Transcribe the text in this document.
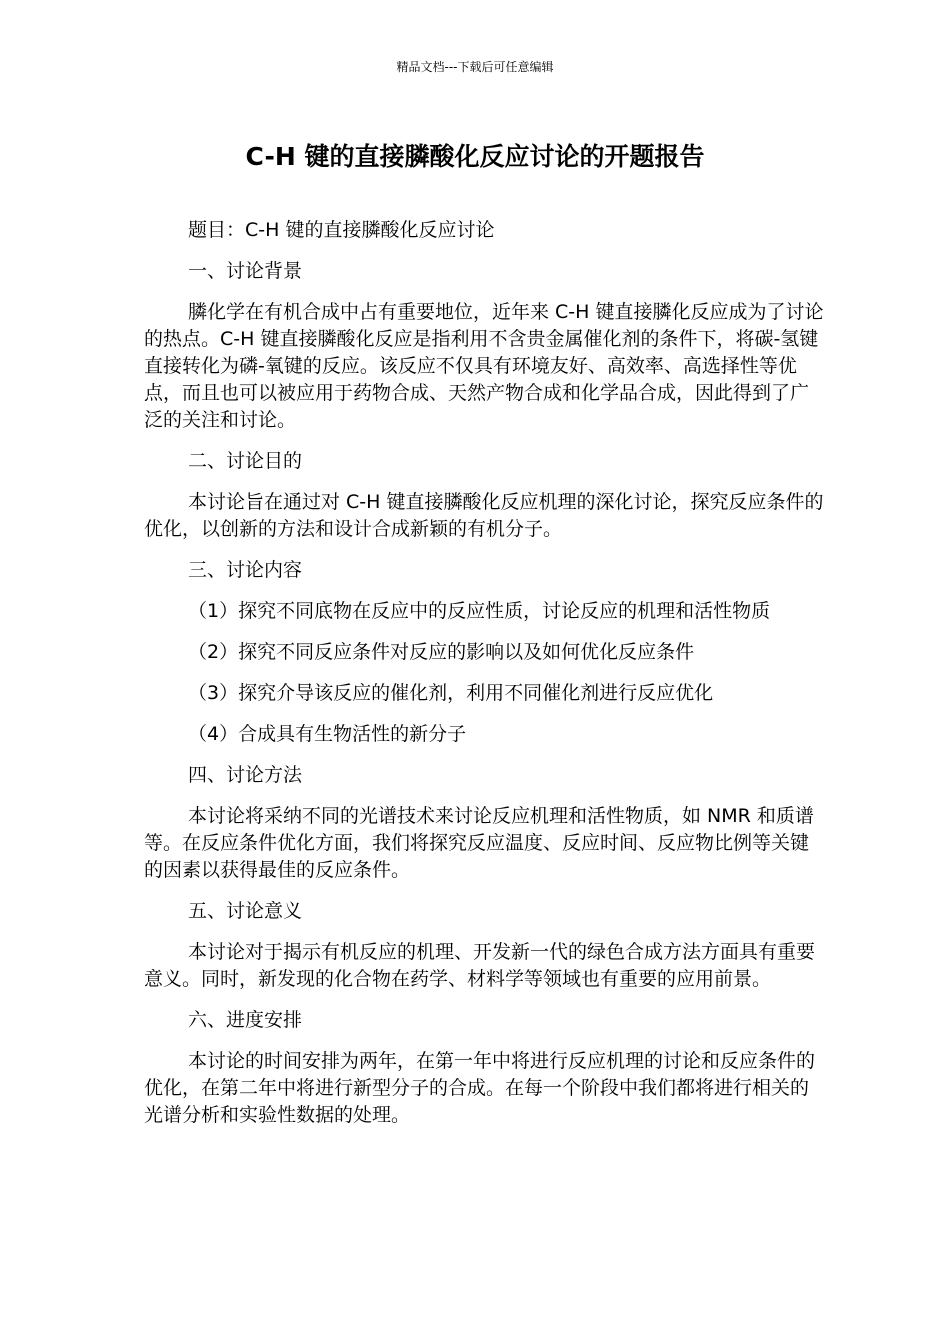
精品文档---下载后可任意编辑
C-H 键的直接膦酸化反应讨论的开题报告

题目：C-H 键的直接膦酸化反应讨论

一、讨论背景

膦化学在有机合成中占有重要地位，近年来 C-H 键直接膦化反应成为了讨论的热点。C-H 键直接膦酸化反应是指利用不含贵金属催化剂的条件下，将碳-氢键直接转化为磷-氧键的反应。该反应不仅具有环境友好、高效率、高选择性等优点，而且也可以被应用于药物合成、天然产物合成和化学品合成，因此得到了广泛的关注和讨论。

二、讨论目的

本讨论旨在通过对 C-H 键直接膦酸化反应机理的深化讨论，探究反应条件的优化，以创新的方法和设计合成新颖的有机分子。

三、讨论内容

（1）探究不同底物在反应中的反应性质，讨论反应的机理和活性物质

（2）探究不同反应条件对反应的影响以及如何优化反应条件

（3）探究介导该反应的催化剂，利用不同催化剂进行反应优化

（4）合成具有生物活性的新分子

四、讨论方法

本讨论将采纳不同的光谱技术来讨论反应机理和活性物质，如 NMR 和质谱等。在反应条件优化方面，我们将探究反应温度、反应时间、反应物比例等关键的因素以获得最佳的反应条件。

五、讨论意义

本讨论对于揭示有机反应的机理、开发新一代的绿色合成方法方面具有重要意义。同时，新发现的化合物在药学、材料学等领域也有重要的应用前景。

六、进度安排

本讨论的时间安排为两年，在第一年中将进行反应机理的讨论和反应条件的优化，在第二年中将进行新型分子的合成。在每一个阶段中我们都将进行相关的光谱分析和实验性数据的处理。
